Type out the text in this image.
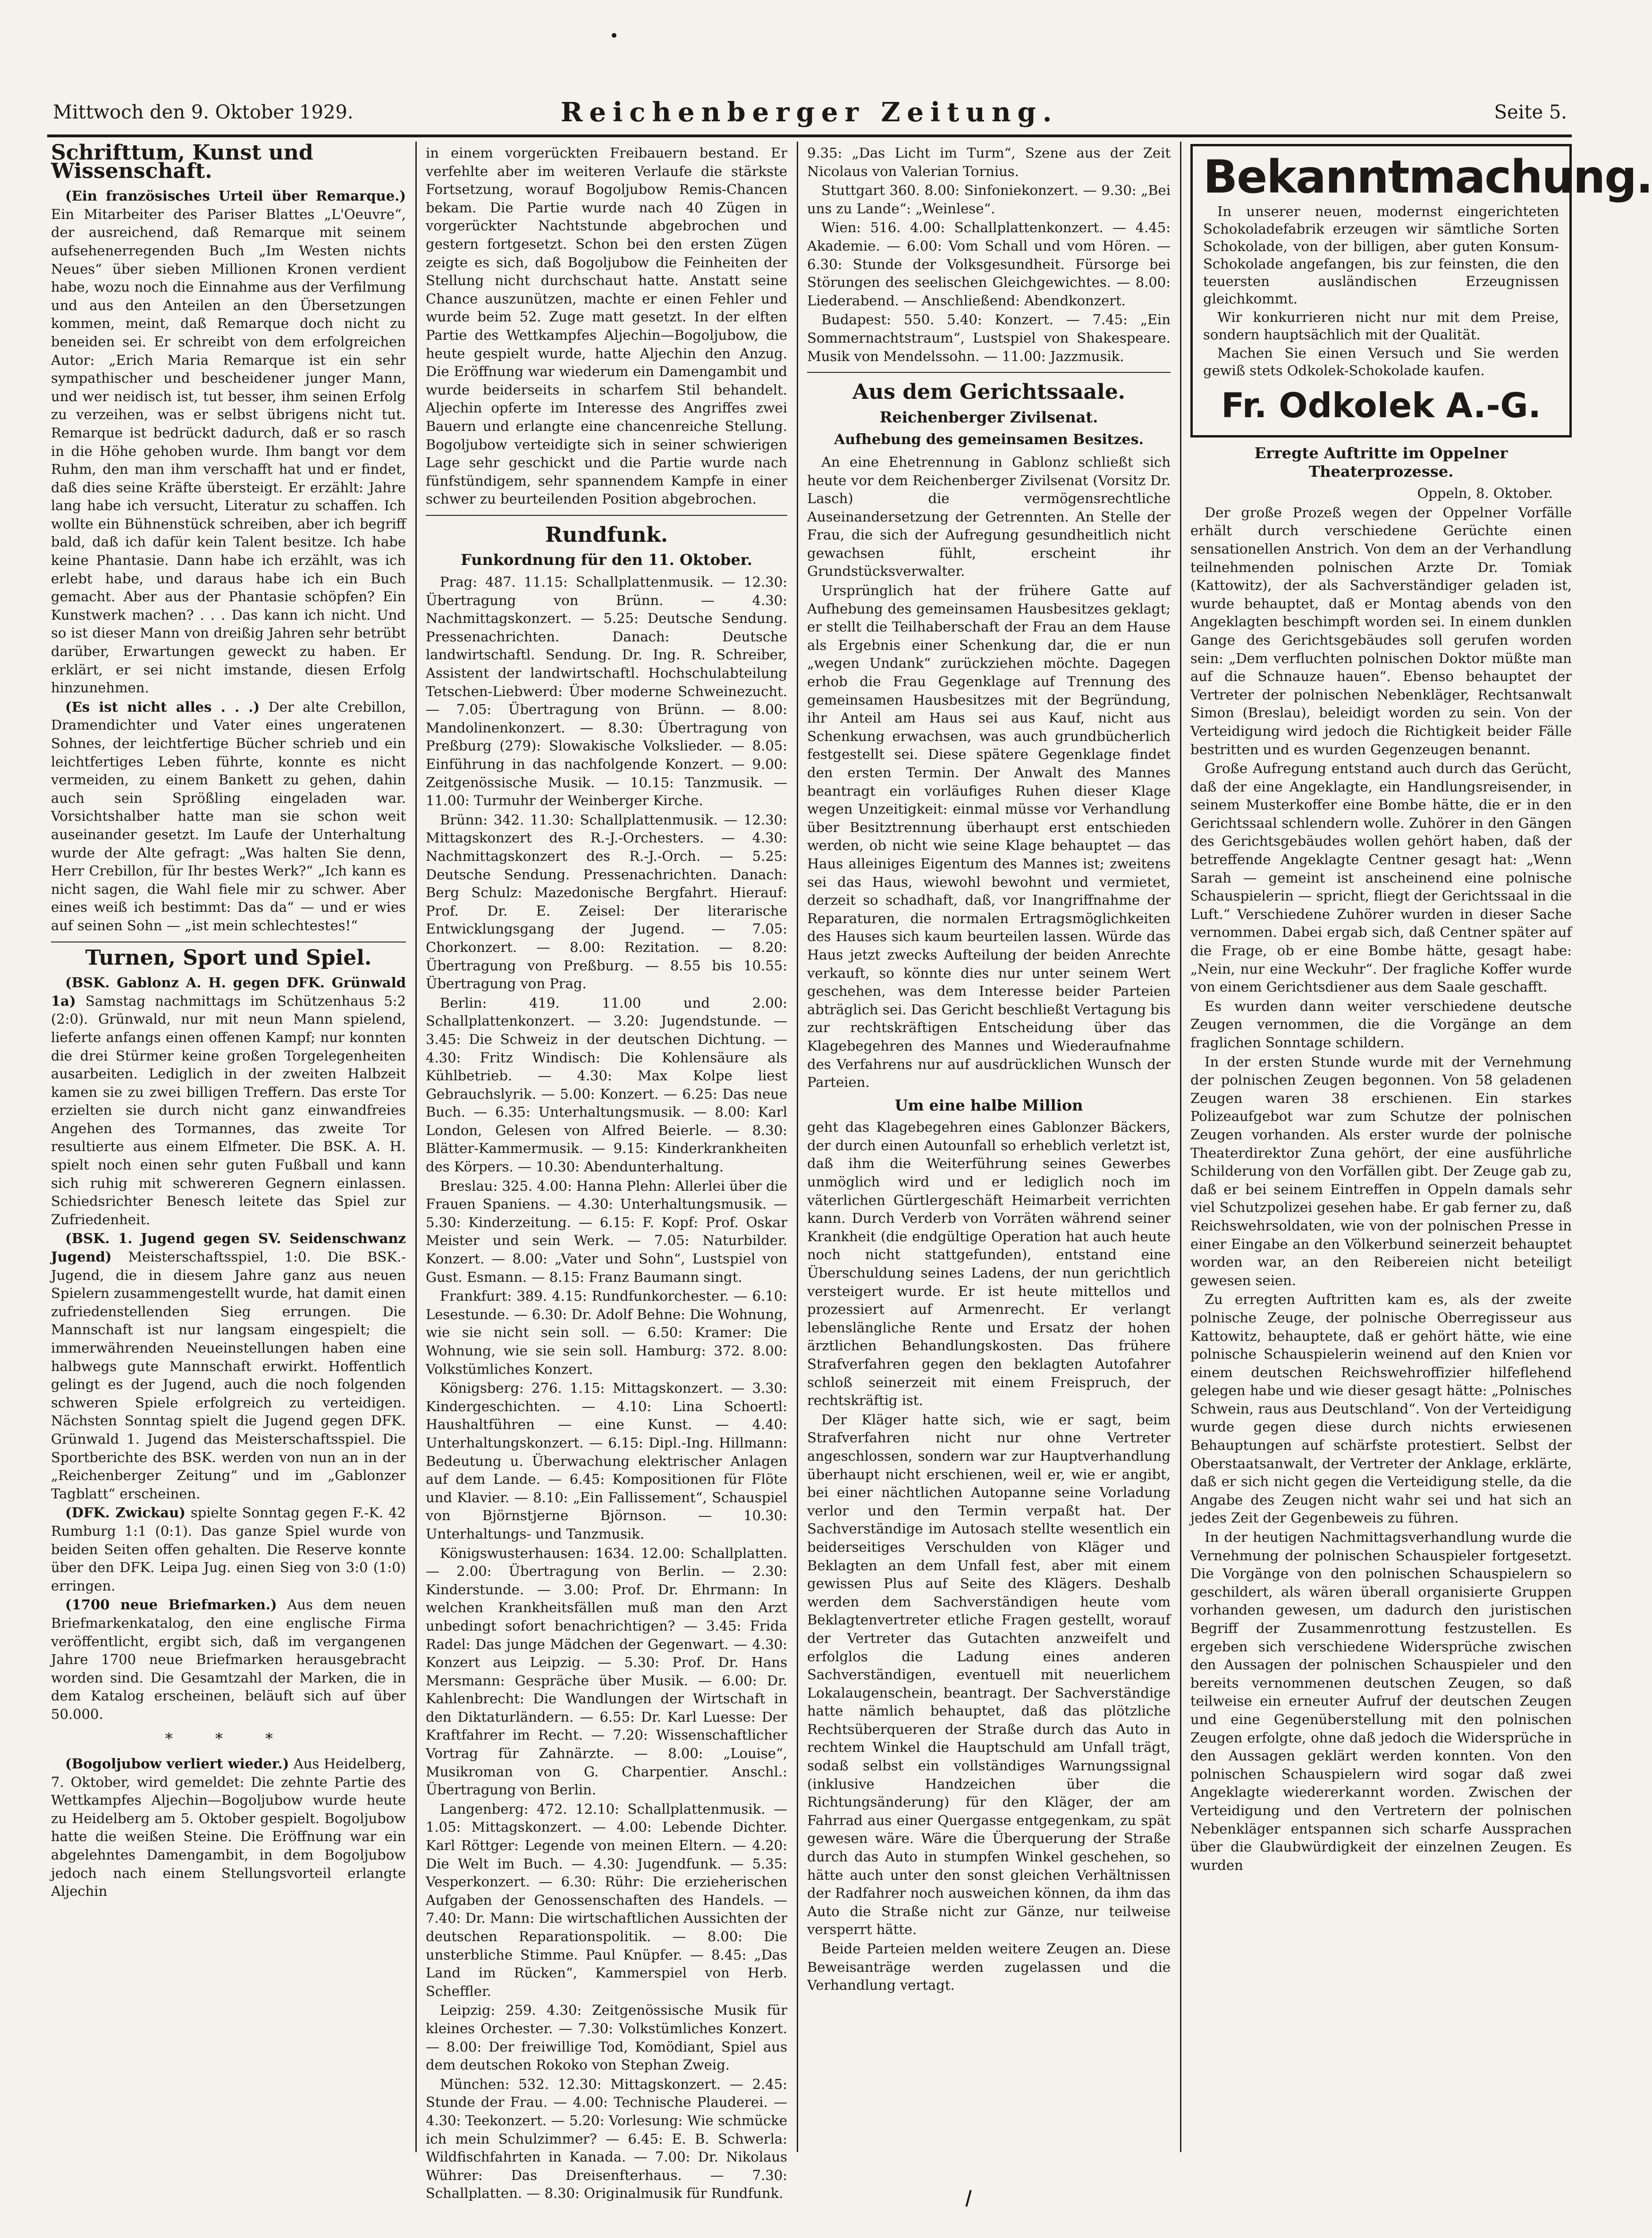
Mittwoch den 9. Oktober 1929.	Reichenberger Zeitung.	Seite 5.
Schrifttum, Kunst und Wissenschaft.

(Ein französisches Urteil über Remarque.) Ein Mitarbeiter des Pariser Blattes „L'Oeuvre“, der ausreichend, daß Remarque mit seinem aufsehenerregenden Buch „Im Westen nichts Neues“ über sieben Millionen Kronen verdient habe, wozu noch die Einnahme aus der Verfilmung und aus den Anteilen an den Übersetzungen kommen, meint, daß Remarque doch nicht zu beneiden sei. Er schreibt von dem erfolgreichen Autor: „Erich Maria Remarque ist ein sehr sympathischer und bescheidener junger Mann, und wer neidisch ist, tut besser, ihm seinen Erfolg zu verzeihen, was er selbst übrigens nicht tut. Remarque ist bedrückt dadurch, daß er so rasch in die Höhe gehoben wurde. Ihm bangt vor dem Ruhm, den man ihm verschafft hat und er findet, daß dies seine Kräfte übersteigt. Er erzählt: Jahre lang habe ich versucht, Literatur zu schaffen. Ich wollte ein Bühnenstück schreiben, aber ich begriff bald, daß ich dafür kein Talent besitze. Ich habe keine Phantasie. Dann habe ich erzählt, was ich erlebt habe, und daraus habe ich ein Buch gemacht. Aber aus der Phantasie schöpfen? Ein Kunstwerk machen? . . . Das kann ich nicht. Und so ist dieser Mann von dreißig Jahren sehr betrübt darüber, Erwartungen geweckt zu haben. Er erklärt, er sei nicht imstande, diesen Erfolg hinzunehmen.

(Es ist nicht alles . . .) Der alte Crebillon, Dramendichter und Vater eines ungeratenen Sohnes, der leichtfertige Bücher schrieb und ein leichtfertiges Leben führte, konnte es nicht vermeiden, zu einem Bankett zu gehen, dahin auch sein Sprößling eingeladen war. Vorsichtshalber hatte man sie schon weit auseinander gesetzt. Im Laufe der Unterhaltung wurde der Alte gefragt: „Was halten Sie denn, Herr Crebillon, für Ihr bestes Werk?“ „Ich kann es nicht sagen, die Wahl fiele mir zu schwer. Aber eines weiß ich bestimmt: Das da“ — und er wies auf seinen Sohn — „ist mein schlechtestes!“

Turnen, Sport und Spiel.

(BSK. Gablonz A. H. gegen DFK. Grünwald 1a) Samstag nachmittags im Schützenhaus 5:2 (2:0). Grünwald, nur mit neun Mann spielend, lieferte anfangs einen offenen Kampf; nur konnten die drei Stürmer keine großen Torgelegenheiten ausarbeiten. Lediglich in der zweiten Halbzeit kamen sie zu zwei billigen Treffern. Das erste Tor erzielten sie durch nicht ganz einwandfreies Angehen des Tormannes, das zweite Tor resultierte aus einem Elfmeter. Die BSK. A. H. spielt noch einen sehr guten Fußball und kann sich ruhig mit schwereren Gegnern einlassen. Schiedsrichter Benesch leitete das Spiel zur Zufriedenheit.

(BSK. 1. Jugend gegen SV. Seidenschwanz Jugend) Meisterschaftsspiel, 1:0. Die BSK.-Jugend, die in diesem Jahre ganz aus neuen Spielern zusammengestellt wurde, hat damit einen zufriedenstellenden Sieg errungen. Die Mannschaft ist nur langsam eingespielt; die immerwährenden Neueinstellungen haben eine halbwegs gute Mannschaft erwirkt. Hoffentlich gelingt es der Jugend, auch die noch folgenden schweren Spiele erfolgreich zu verteidigen. Nächsten Sonntag spielt die Jugend gegen DFK. Grünwald 1. Jugend das Meisterschaftsspiel. Die Sportberichte des BSK. werden von nun an in der „Reichenberger Zeitung“ und im „Gablonzer Tagblatt“ erscheinen.

(DFK. Zwickau) spielte Sonntag gegen F.-K. 42 Rumburg 1:1 (0:1). Das ganze Spiel wurde von beiden Seiten offen gehalten. Die Reserve konnte über den DFK. Leipa Jug. einen Sieg von 3:0 (1:0) erringen.

(1700 neue Briefmarken.) Aus dem neuen Briefmarkenkatalog, den eine englische Firma veröffentlicht, ergibt sich, daß im vergangenen Jahre 1700 neue Briefmarken herausgebracht worden sind. Die Gesamtzahl der Marken, die in dem Katalog erscheinen, beläuft sich auf über 50.000.

* * *

(Bogoljubow verliert wieder.) Aus Heidelberg, 7. Oktober, wird gemeldet: Die zehnte Partie des Wettkampfes Aljechin—Bogoljubow wurde heute zu Heidelberg am 5. Oktober gespielt. Bogoljubow hatte die weißen Steine. Die Eröffnung war ein abgelehntes Damengambit, in dem Bogoljubow jedoch nach einem Stellungsvorteil erlangte Aljechin

in einem vorgerückten Freibauern bestand. Er verfehlte aber im weiteren Verlaufe die stärkste Fortsetzung, worauf Bogoljubow Remis-Chancen bekam. Die Partie wurde nach 40 Zügen in vorgerückter Nachtstunde abgebrochen und gestern fortgesetzt. Schon bei den ersten Zügen zeigte es sich, daß Bogoljubow die Feinheiten der Stellung nicht durchschaut hatte. Anstatt seine Chance auszunützen, machte er einen Fehler und wurde beim 52. Zuge matt gesetzt. In der elften Partie des Wettkampfes Aljechin—Bogoljubow, die heute gespielt wurde, hatte Aljechin den Anzug. Die Eröffnung war wiederum ein Damengambit und wurde beiderseits in scharfem Stil behandelt. Aljechin opferte im Interesse des Angriffes zwei Bauern und erlangte eine chancenreiche Stellung. Bogoljubow verteidigte sich in seiner schwierigen Lage sehr geschickt und die Partie wurde nach fünfstündigem, sehr spannendem Kampfe in einer schwer zu beurteilenden Position abgebrochen.

Rundfunk.
Funkordnung für den 11. Oktober.

Prag: 487. 11.15: Schallplattenmusik. — 12.30: Übertragung von Brünn. — 4.30: Nachmittagskonzert. — 5.25: Deutsche Sendung. Pressenachrichten. Danach: Deutsche landwirtschaftl. Sendung. Dr. Ing. R. Schreiber, Assistent der landwirtschaftl. Hochschulabteilung Tetschen-Liebwerd: Über moderne Schweinezucht. — 7.05: Übertragung von Brünn. — 8.00: Mandolinenkonzert. — 8.30: Übertragung von Preßburg (279): Slowakische Volkslieder. — 8.05: Einführung in das nachfolgende Konzert. — 9.00: Zeitgenössische Musik. — 10.15: Tanzmusik. — 11.00: Turmuhr der Weinberger Kirche.

Brünn: 342. 11.30: Schallplattenmusik. — 12.30: Mittagskonzert des R.-J.-Orchesters. — 4.30: Nachmittagskonzert des R.-J.-Orch. — 5.25: Deutsche Sendung. Pressenachrichten. Danach: Berg Schulz: Mazedonische Bergfahrt. Hierauf: Prof. Dr. E. Zeisel: Der literarische Entwicklungsgang der Jugend. — 7.05: Chorkonzert. — 8.00: Rezitation. — 8.20: Übertragung von Preßburg. — 8.55 bis 10.55: Übertragung von Prag.

Berlin: 419. 11.00 und 2.00: Schallplattenkonzert. — 3.20: Jugendstunde. — 3.45: Die Schweiz in der deutschen Dichtung. — 4.30: Fritz Windisch: Die Kohlensäure als Kühlbetrieb. — 4.30: Max Kolpe liest Gebrauchslyrik. — 5.00: Konzert. — 6.25: Das neue Buch. — 6.35: Unterhaltungsmusik. — 8.00: Karl London, Gelesen von Alfred Beierle. — 8.30: Blätter-Kammermusik. — 9.15: Kinderkrankheiten des Körpers. — 10.30: Abendunterhaltung.

Breslau: 325. 4.00: Hanna Plehn: Allerlei über die Frauen Spaniens. — 4.30: Unterhaltungsmusik. — 5.30: Kinderzeitung. — 6.15: F. Kopf: Prof. Oskar Meister und sein Werk. — 7.05: Naturbilder. Konzert. — 8.00: „Vater und Sohn“, Lustspiel von Gust. Esmann. — 8.15: Franz Baumann singt.

Frankfurt: 389. 4.15: Rundfunkorchester. — 6.10: Lesestunde. — 6.30: Dr. Adolf Behne: Die Wohnung, wie sie nicht sein soll. — 6.50: Kramer: Die Wohnung, wie sie sein soll. Hamburg: 372. 8.00: Volkstümliches Konzert.

Königsberg: 276. 1.15: Mittagskonzert. — 3.30: Kindergeschichten. — 4.10: Lina Schoertl: Haushaltführen — eine Kunst. — 4.40: Unterhaltungskonzert. — 6.15: Dipl.-Ing. Hillmann: Bedeutung u. Überwachung elektrischer Anlagen auf dem Lande. — 6.45: Kompositionen für Flöte und Klavier. — 8.10: „Ein Fallissement“, Schauspiel von Björnstjerne Björnson. — 10.30: Unterhaltungs- und Tanzmusik.

Königswusterhausen: 1634. 12.00: Schallplatten. — 2.00: Übertragung von Berlin. — 2.30: Kinderstunde. — 3.00: Prof. Dr. Ehrmann: In welchen Krankheitsfällen muß man den Arzt unbedingt sofort benachrichtigen? — 3.45: Frida Radel: Das junge Mädchen der Gegenwart. — 4.30: Konzert aus Leipzig. — 5.30: Prof. Dr. Hans Mersmann: Gespräche über Musik. — 6.00: Dr. Kahlenbrecht: Die Wandlungen der Wirtschaft in den Diktaturländern. — 6.55: Dr. Karl Luesse: Der Kraftfahrer im Recht. — 7.20: Wissenschaftlicher Vortrag für Zahnärzte. — 8.00: „Louise“, Musikroman von G. Charpentier. Anschl.: Übertragung von Berlin.

Langenberg: 472. 12.10: Schallplattenmusik. — 1.05: Mittagskonzert. — 4.00: Lebende Dichter. Karl Röttger: Legende von meinen Eltern. — 4.20: Die Welt im Buch. — 4.30: Jugendfunk. — 5.35: Vesperkonzert. — 6.30: Rühr: Die erzieherischen Aufgaben der Genossenschaften des Handels. — 7.40: Dr. Mann: Die wirtschaftlichen Aussichten der deutschen Reparationspolitik. — 8.00: Die unsterbliche Stimme. Paul Knüpfer. — 8.45: „Das Land im Rücken“, Kammerspiel von Herb. Scheffler.

Leipzig: 259. 4.30: Zeitgenössische Musik für kleines Orchester. — 7.30: Volkstümliches Konzert. — 8.00: Der freiwillige Tod, Komödiant, Spiel aus dem deutschen Rokoko von Stephan Zweig.

München: 532. 12.30: Mittagskonzert. — 2.45: Stunde der Frau. — 4.00: Technische Plauderei. — 4.30: Teekonzert. — 5.20: Vorlesung: Wie schmücke ich mein Schulzimmer? — 6.45: E. B. Schwerla: Wildfischfahrten in Kanada. — 7.00: Dr. Nikolaus Wührer: Das Dreisenfterhaus. — 7.30: Schallplatten. — 8.30: Originalmusik für Rundfunk.

9.35: „Das Licht im Turm“, Szene aus der Zeit Nicolaus von Valerian Tornius.

Stuttgart 360. 8.00: Sinfoniekonzert. — 9.30: „Bei uns zu Lande“: „Weinlese“.

Wien: 516. 4.00: Schallplattenkonzert. — 4.45: Akademie. — 6.00: Vom Schall und vom Hören. — 6.30: Stunde der Volksgesundheit. Fürsorge bei Störungen des seelischen Gleichgewichtes. — 8.00: Liederabend. — Anschließend: Abendkonzert.

Budapest: 550. 5.40: Konzert. — 7.45: „Ein Sommernachtstraum“, Lustspiel von Shakespeare. Musik von Mendelssohn. — 11.00: Jazzmusik.

Aus dem Gerichtssaale.
Reichenberger Zivilsenat.
Aufhebung des gemeinsamen Besitzes.

An eine Ehetrennung in Gablonz schließt sich heute vor dem Reichenberger Zivilsenat (Vorsitz Dr. Lasch) die vermögensrechtliche Auseinandersetzung der Getrennten. An Stelle der Frau, die sich der Aufregung gesundheitlich nicht gewachsen fühlt, erscheint ihr Grundstücksverwalter.

Ursprünglich hat der frühere Gatte auf Aufhebung des gemeinsamen Hausbesitzes geklagt; er stellt die Teilhaberschaft der Frau an dem Hause als Ergebnis einer Schenkung dar, die er nun „wegen Undank“ zurückziehen möchte. Dagegen erhob die Frau Gegenklage auf Trennung des gemeinsamen Hausbesitzes mit der Begründung, ihr Anteil am Haus sei aus Kauf, nicht aus Schenkung erwachsen, was auch grundbücherlich festgestellt sei. Diese spätere Gegenklage findet den ersten Termin. Der Anwalt des Mannes beantragt ein vorläufiges Ruhen dieser Klage wegen Unzeitigkeit: einmal müsse vor Verhandlung über Besitztrennung überhaupt erst entschieden werden, ob nicht wie seine Klage behauptet — das Haus alleiniges Eigentum des Mannes ist; zweitens sei das Haus, wiewohl bewohnt und vermietet, derzeit so schadhaft, daß, vor Inangriffnahme der Reparaturen, die normalen Ertragsmöglichkeiten des Hauses sich kaum beurteilen lassen. Würde das Haus jetzt zwecks Aufteilung der beiden Anrechte verkauft, so könnte dies nur unter seinem Wert geschehen, was dem Interesse beider Parteien abträglich sei. Das Gericht beschließt Vertagung bis zur rechtskräftigen Entscheidung über das Klagebegehren des Mannes und Wiederaufnahme des Verfahrens nur auf ausdrücklichen Wunsch der Parteien.

Um eine halbe Million

geht das Klagebegehren eines Gablonzer Bäckers, der durch einen Autounfall so erheblich verletzt ist, daß ihm die Weiterführung seines Gewerbes unmöglich wird und er lediglich noch im väterlichen Gürtlergeschäft Heimarbeit verrichten kann. Durch Verderb von Vorräten während seiner Krankheit (die endgültige Operation hat auch heute noch nicht stattgefunden), entstand eine Überschuldung seines Ladens, der nun gerichtlich versteigert wurde. Er ist heute mittellos und prozessiert auf Armenrecht. Er verlangt lebenslängliche Rente und Ersatz der hohen ärztlichen Behandlungskosten. Das frühere Strafverfahren gegen den beklagten Autofahrer schloß seinerzeit mit einem Freispruch, der rechtskräftig ist.

Der Kläger hatte sich, wie er sagt, beim Strafverfahren nicht nur ohne Vertreter angeschlossen, sondern war zur Hauptverhandlung überhaupt nicht erschienen, weil er, wie er angibt, bei einer nächtlichen Autopanne seine Vorladung verlor und den Termin verpaßt hat. Der Sachverständige im Autosach stellte wesentlich ein beiderseitiges Verschulden von Kläger und Beklagten an dem Unfall fest, aber mit einem gewissen Plus auf Seite des Klägers. Deshalb werden dem Sachverständigen heute vom Beklagtenvertreter etliche Fragen gestellt, worauf der Vertreter das Gutachten anzweifelt und erfolglos die Ladung eines anderen Sachverständigen, eventuell mit neuerlichem Lokalaugenschein, beantragt. Der Sachverständige hatte nämlich behauptet, daß das plötzliche Rechtsüberqueren der Straße durch das Auto in rechtem Winkel die Hauptschuld am Unfall trägt, sodaß selbst ein vollständiges Warnungssignal (inklusive Handzeichen über die Richtungsänderung) für den Kläger, der am Fahrrad aus einer Quergasse entgegenkam, zu spät gewesen wäre. Wäre die Überquerung der Straße durch das Auto in stumpfen Winkel geschehen, so hätte auch unter den sonst gleichen Verhältnissen der Radfahrer noch ausweichen können, da ihm das Auto die Straße nicht zur Gänze, nur teilweise versperrt hätte.

Beide Parteien melden weitere Zeugen an. Diese Beweisanträge werden zugelassen und die Verhandlung vertagt.

Bekanntmachung.

In unserer neuen, modernst eingerichteten Schokoladefabrik erzeugen wir sämtliche Sorten Schokolade, von der billigen, aber guten Konsum-Schokolade angefangen, bis zur feinsten, die den teuersten ausländischen Erzeugnissen gleichkommt.

Wir konkurrieren nicht nur mit dem Preise, sondern hauptsächlich mit der Qualität.

Machen Sie einen Versuch und Sie werden gewiß stets Odkolek-Schokolade kaufen.

Fr. Odkolek A.-G.
Erregte Auftritte im Oppelner Theaterprozesse.

Oppeln, 8. Oktober.

Der große Prozeß wegen der Oppelner Vorfälle erhält durch verschiedene Gerüchte einen sensationellen Anstrich. Von dem an der Verhandlung teilnehmenden polnischen Arzte Dr. Tomiak (Kattowitz), der als Sachverständiger geladen ist, wurde behauptet, daß er Montag abends von den Angeklagten beschimpft worden sei. In einem dunklen Gange des Gerichtsgebäudes soll gerufen worden sein: „Dem verfluchten polnischen Doktor müßte man auf die Schnauze hauen“. Ebenso behauptet der Vertreter der polnischen Nebenkläger, Rechtsanwalt Simon (Breslau), beleidigt worden zu sein. Von der Verteidigung wird jedoch die Richtigkeit beider Fälle bestritten und es wurden Gegenzeugen benannt.

Große Aufregung entstand auch durch das Gerücht, daß der eine Angeklagte, ein Handlungsreisender, in seinem Musterkoffer eine Bombe hätte, die er in den Gerichtssaal schlendern wolle. Zuhörer in den Gängen des Gerichtsgebäudes wollen gehört haben, daß der betreffende Angeklagte Centner gesagt hat: „Wenn Sarah — gemeint ist anscheinend eine polnische Schauspielerin — spricht, fliegt der Gerichtssaal in die Luft.“ Verschiedene Zuhörer wurden in dieser Sache vernommen. Dabei ergab sich, daß Centner später auf die Frage, ob er eine Bombe hätte, gesagt habe: „Nein, nur eine Weckuhr“. Der fragliche Koffer wurde von einem Gerichtsdiener aus dem Saale geschafft.

Es wurden dann weiter verschiedene deutsche Zeugen vernommen, die die Vorgänge an dem fraglichen Sonntage schildern.

In der ersten Stunde wurde mit der Vernehmung der polnischen Zeugen begonnen. Von 58 geladenen Zeugen waren 38 erschienen. Ein starkes Polizeaufgebot war zum Schutze der polnischen Zeugen vorhanden. Als erster wurde der polnische Theaterdirektor Zuna gehört, der eine ausführliche Schilderung von den Vorfällen gibt. Der Zeuge gab zu, daß er bei seinem Eintreffen in Oppeln damals sehr viel Schutzpolizei gesehen habe. Er gab ferner zu, daß Reichswehrsoldaten, wie von der polnischen Presse in einer Eingabe an den Völkerbund seinerzeit behauptet worden war, an den Reibereien nicht beteiligt gewesen seien.

Zu erregten Auftritten kam es, als der zweite polnische Zeuge, der polnische Oberregisseur aus Kattowitz, behauptete, daß er gehört hätte, wie eine polnische Schauspielerin weinend auf den Knien vor einem deutschen Reichswehroffizier hilfeflehend gelegen habe und wie dieser gesagt hätte: „Polnisches Schwein, raus aus Deutschland“. Von der Verteidigung wurde gegen diese durch nichts erwiesenen Behauptungen auf schärfste protestiert. Selbst der Oberstaatsanwalt, der Vertreter der Anklage, erklärte, daß er sich nicht gegen die Verteidigung stelle, da die Angabe des Zeugen nicht wahr sei und hat sich an jedes Zeit der Gegenbeweis zu führen.

In der heutigen Nachmittagsverhandlung wurde die Vernehmung der polnischen Schauspieler fortgesetzt. Die Vorgänge von den polnischen Schauspielern so geschildert, als wären überall organisierte Gruppen vorhanden gewesen, um dadurch den juristischen Begriff der Zusammenrottung festzustellen. Es ergeben sich verschiedene Widersprüche zwischen den Aussagen der polnischen Schauspieler und den bereits vernommenen deutschen Zeugen, so daß teilweise ein erneuter Aufruf der deutschen Zeugen und eine Gegenüberstellung mit den polnischen Zeugen erfolgte, ohne daß jedoch die Widersprüche in den Aussagen geklärt werden konnten. Von den polnischen Schauspielern wird sogar daß zwei Angeklagte wiedererkannt worden. Zwischen der Verteidigung und den Vertretern der polnischen Nebenkläger entspannen sich scharfe Aussprachen über die Glaubwürdigkeit der einzelnen Zeugen. Es wurden
